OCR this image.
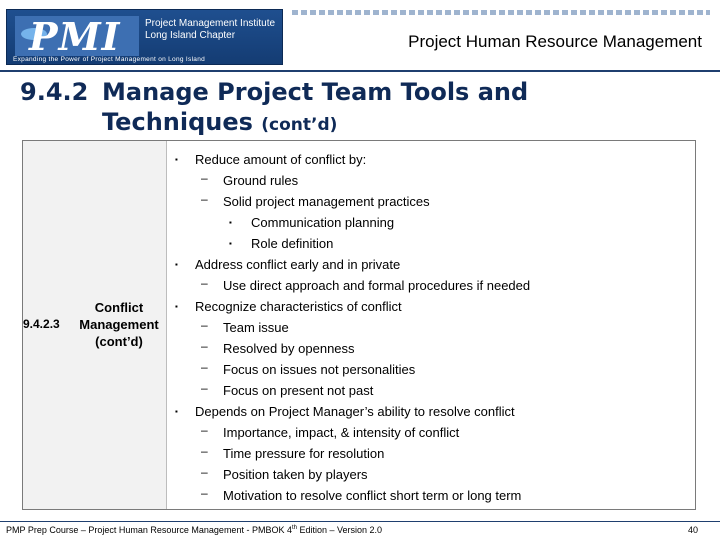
PMI Project Management Institute
Long Island Chapter
Expanding the Power of Project Management on Long Island
Project Human Resource Management
9.4.2 Manage Project Team Tools and
Techniques (cont’d)
9.4.2.3
Conflict Management (cont’d)
▪ Reduce amount of conflict by:
– Ground rules
– Solid project management practices
▪ Communication planning
▪ Role definition
▪ Address conflict early and in private
– Use direct approach and formal procedures if needed
▪ Recognize characteristics of conflict
– Team issue
– Resolved by openness
– Focus on issues not personalities
– Focus on present not past
▪ Depends on Project Manager’s ability to resolve conflict
– Importance, impact, & intensity of conflict
– Time pressure for resolution
– Position taken by players
– Motivation to resolve conflict short term or long term
PMP Prep Course – Project Human Resource Management - PMBOK 4th Edition – Version 2.0	40
